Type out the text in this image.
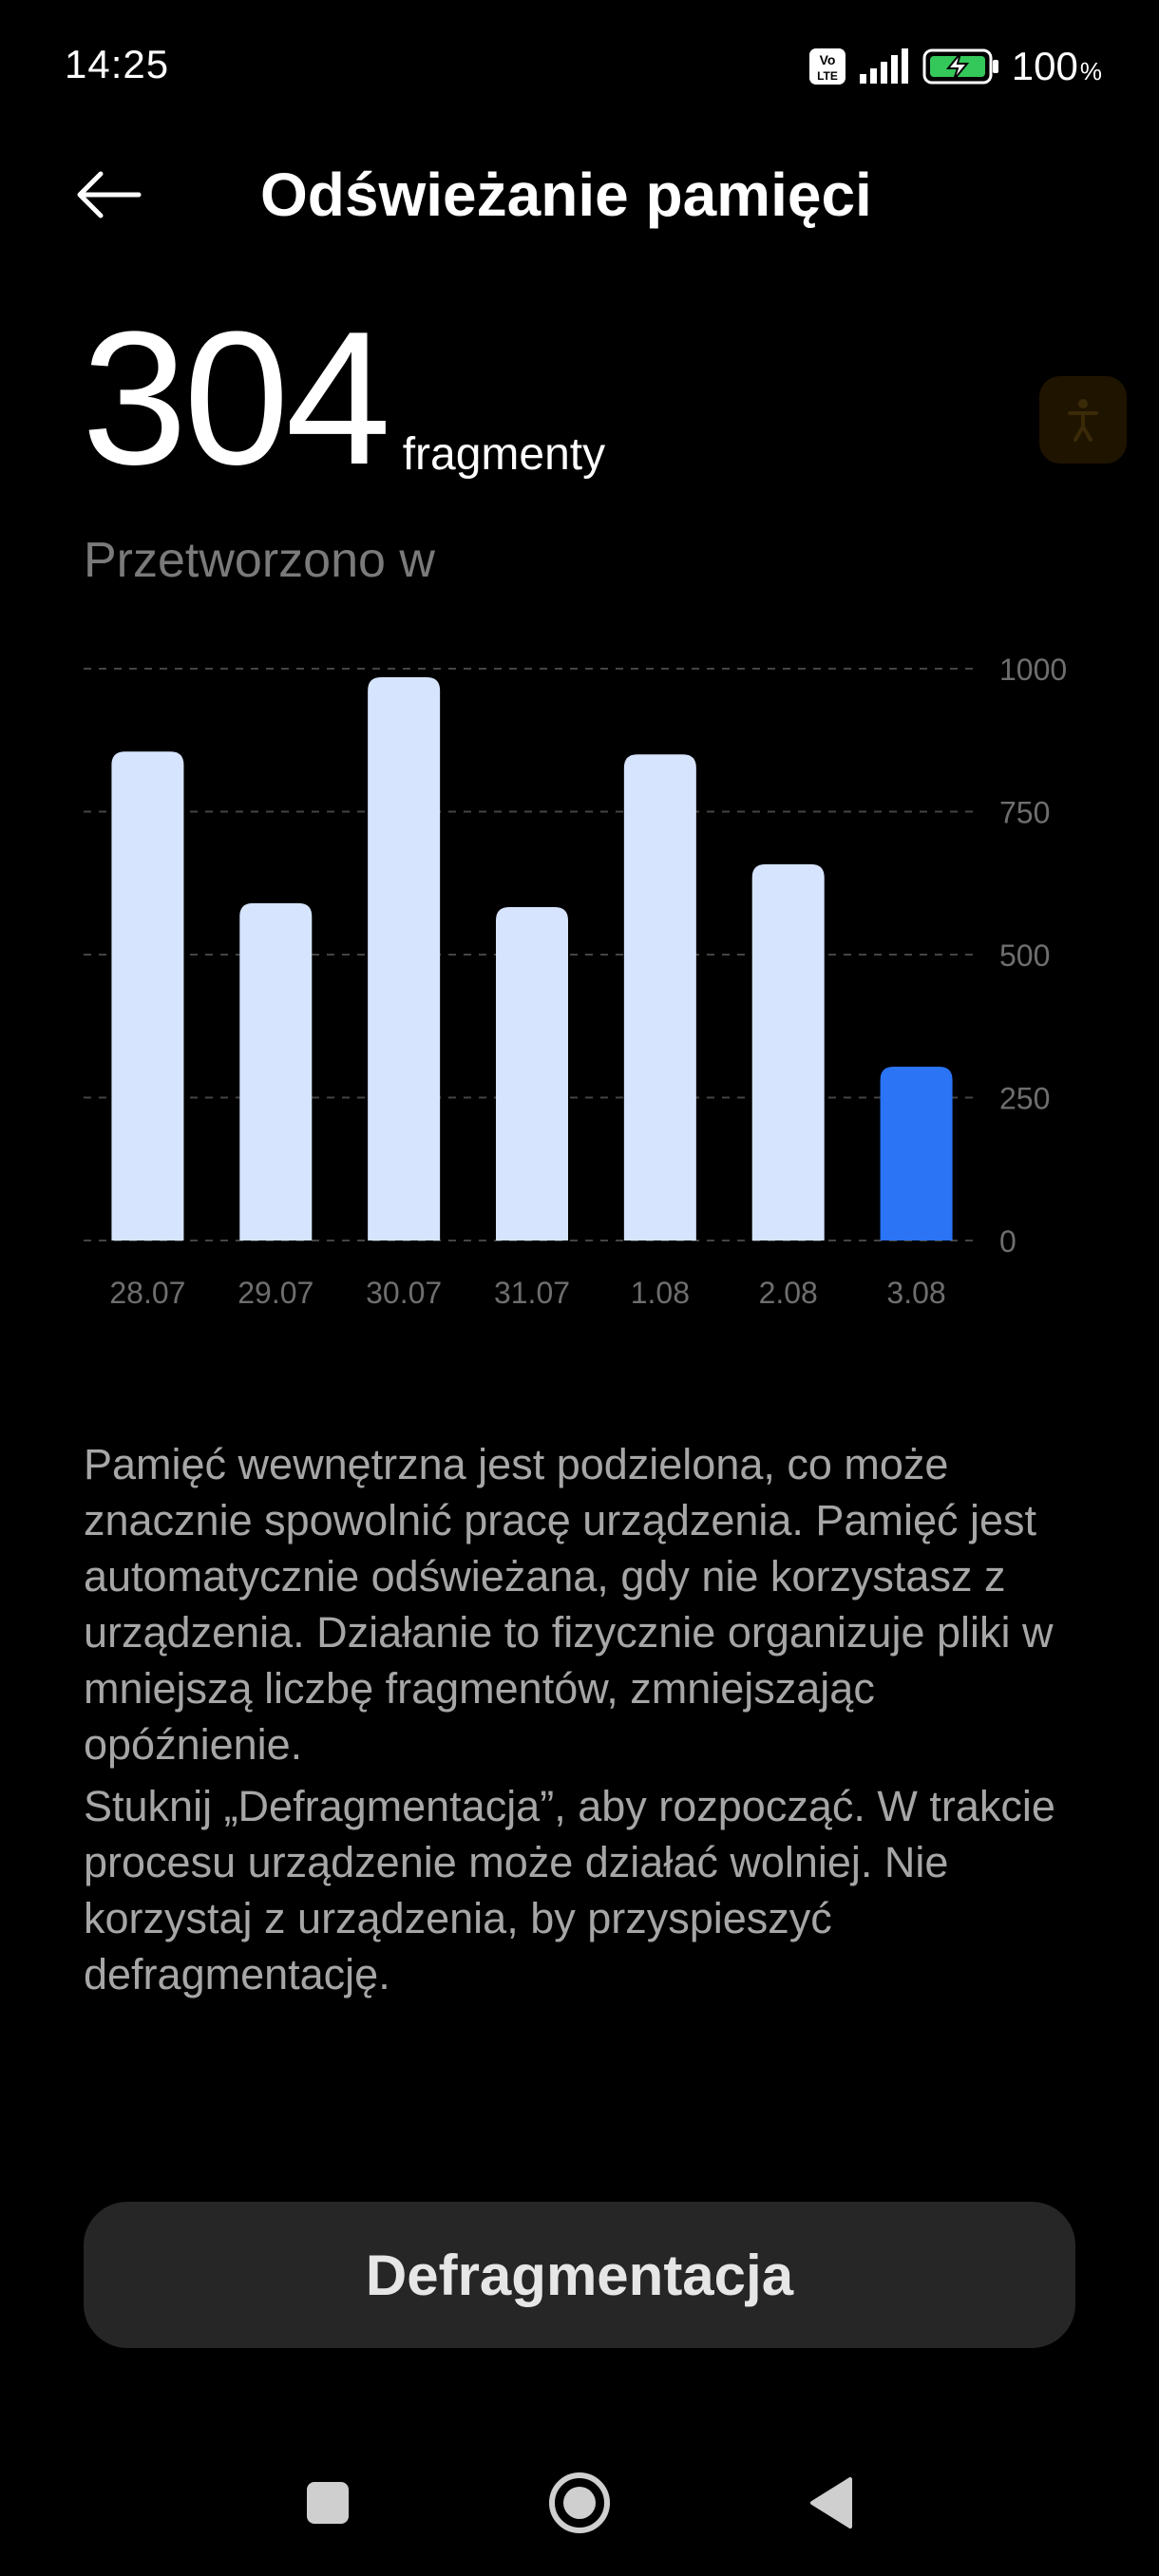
14:25	Vo
LTE	100 %
Odświeżanie pamięci
304 fragmenty
Przetworzono w
0
250
500
750
1000
28.07 29.07 30.07 31.07 1.08 2.08 3.08

Pamięć wewnętrzna jest podzielona, co może znacznie spowolnić pracę urządzenia. Pamięć jest automatycznie odświeżana, gdy nie korzystasz z urządzenia. Działanie to fizycznie organizuje pliki w mniejszą liczbę fragmentów, zmniejszając opóźnienie.

Stuknij „Defragmentacja”, aby rozpocząć. W trakcie procesu urządzenie może działać wolniej. Nie korzystaj z urządzenia, by przyspieszyć defragmentację.

Defragmentacja
